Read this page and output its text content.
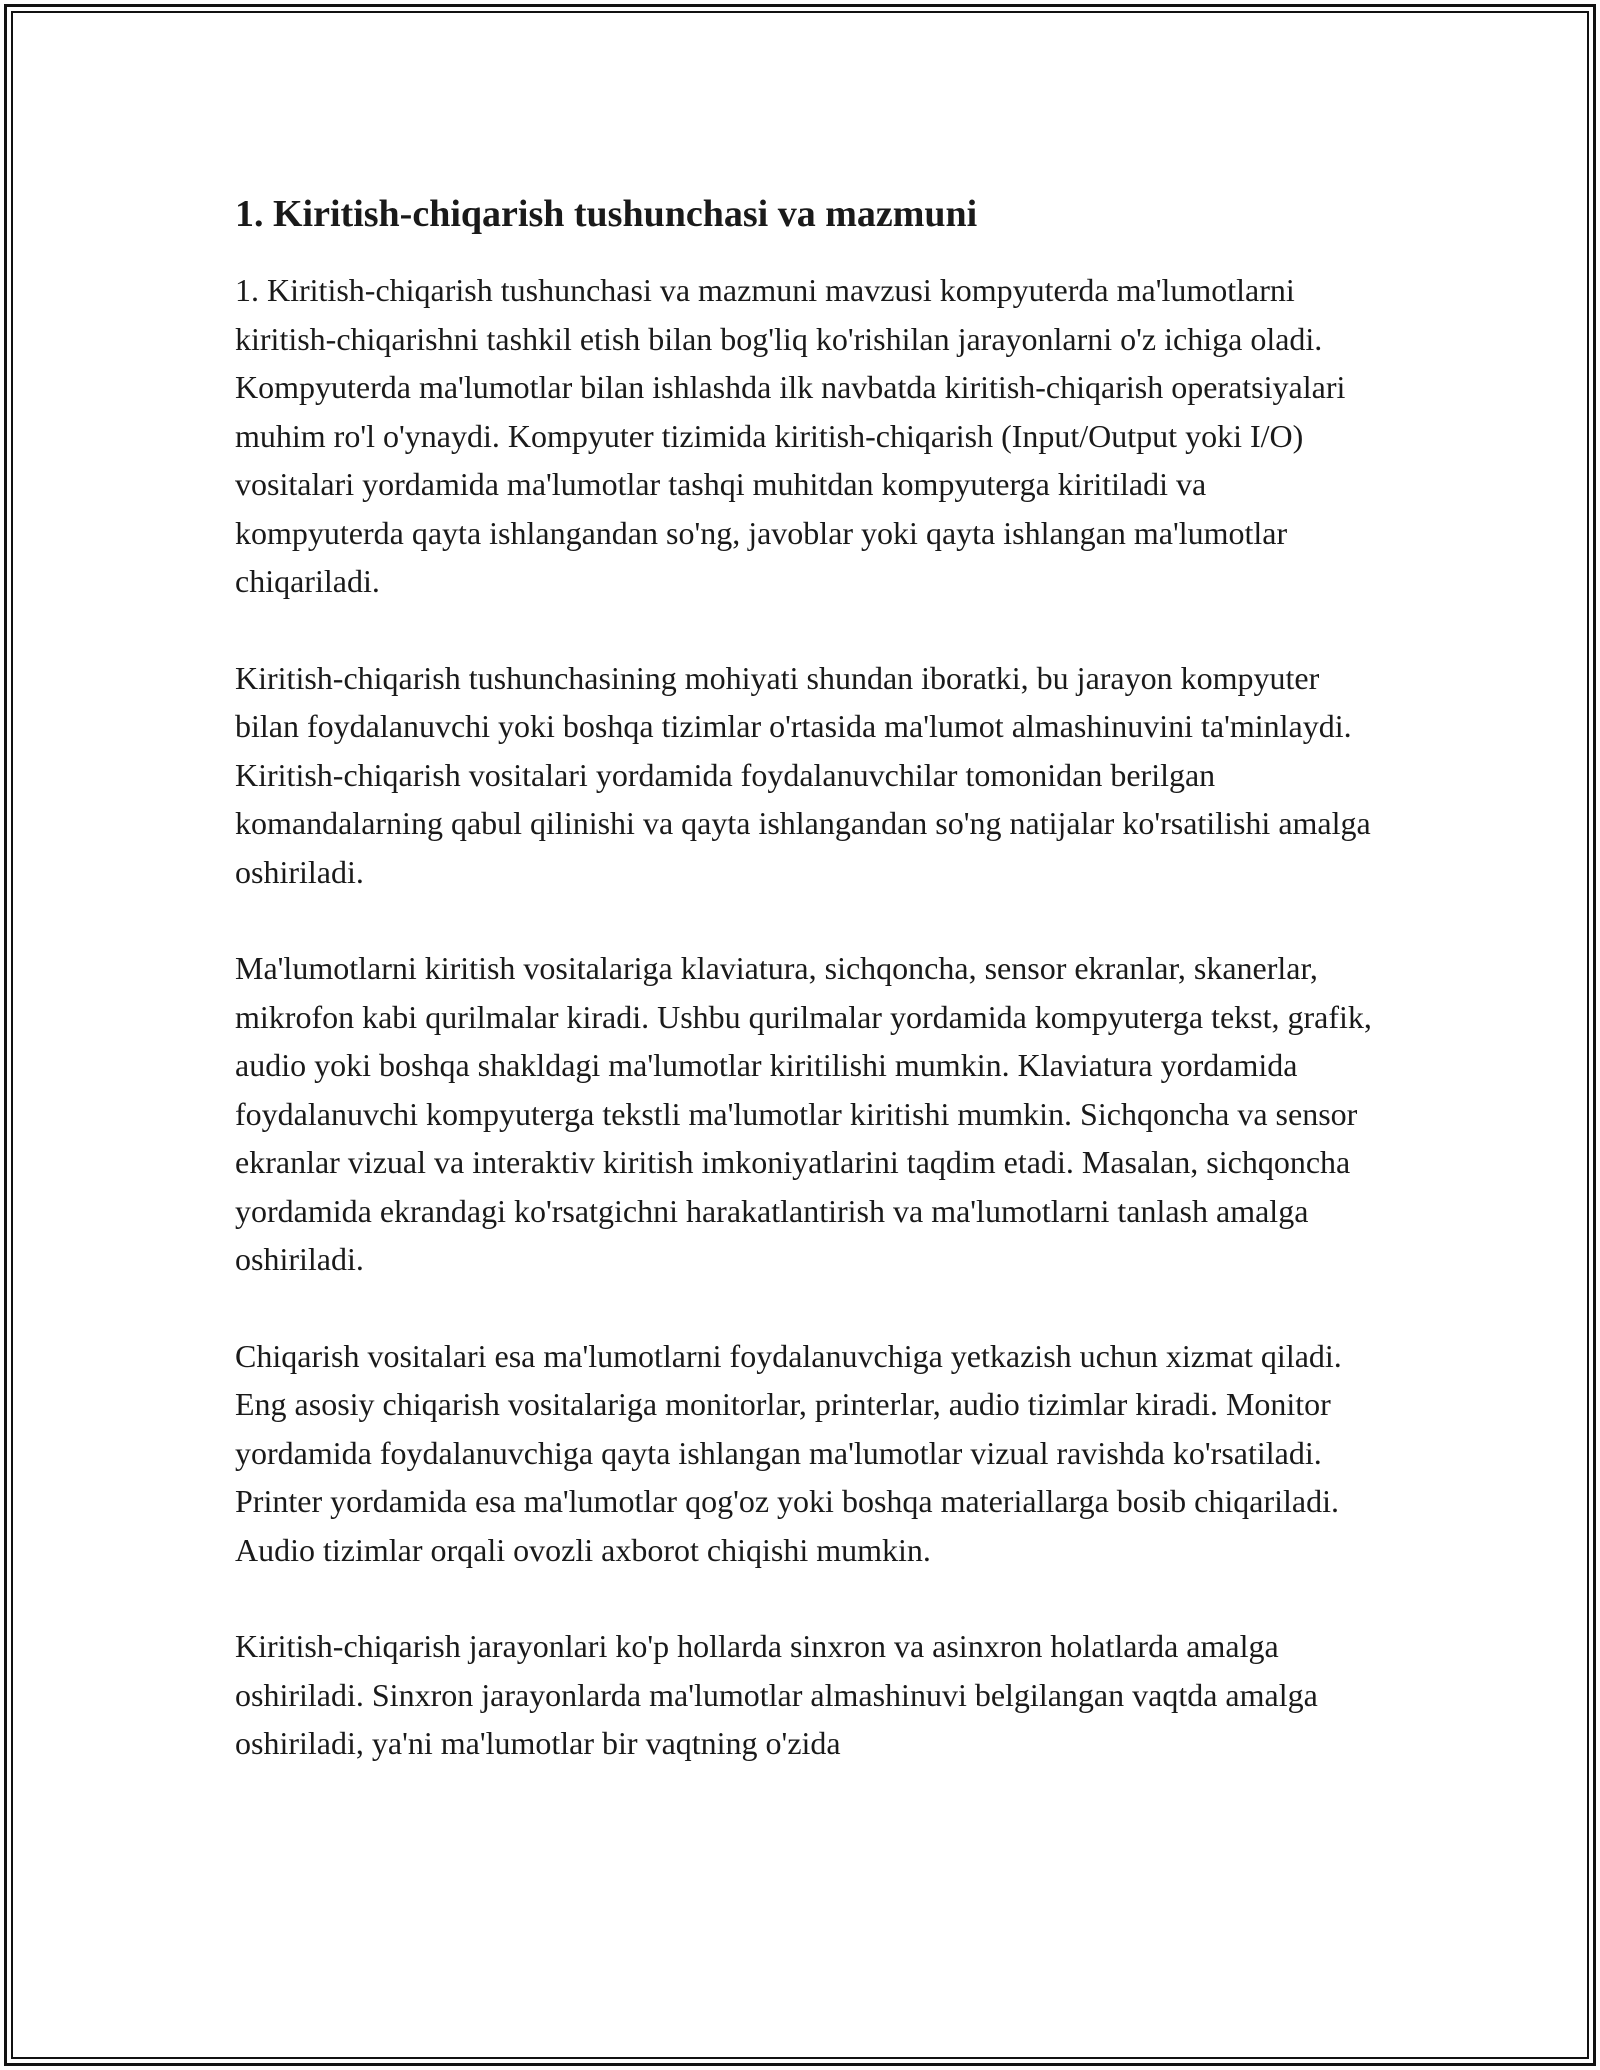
1. Kiritish-chiqarish tushunchasi va mazmuni

1. Kiritish-chiqarish tushunchasi va mazmuni mavzusi kompyuterda ma'lumotlarni kiritish-chiqarishni tashkil etish bilan bog'liq ko'rishilan jarayonlarni o'z ichiga oladi. Kompyuterda ma'lumotlar bilan ishlashda ilk navbatda kiritish-chiqarish operatsiyalari muhim ro'l o'ynaydi. Kompyuter tizimida kiritish-chiqarish (Input/Output yoki I/O) vositalari yordamida ma'lumotlar tashqi muhitdan kompyuterga kiritiladi va kompyuterda qayta ishlangandan so'ng, javoblar yoki qayta ishlangan ma'lumotlar chiqariladi.

Kiritish-chiqarish tushunchasining mohiyati shundan iboratki, bu jarayon kompyuter bilan foydalanuvchi yoki boshqa tizimlar o'rtasida ma'lumot almashinuvini ta'minlaydi. Kiritish-chiqarish vositalari yordamida foydalanuvchilar tomonidan berilgan komandalarning qabul qilinishi va qayta ishlangandan so'ng natijalar ko'rsatilishi amalga oshiriladi.

Ma'lumotlarni kiritish vositalariga klaviatura, sichqoncha, sensor ekranlar, skanerlar, mikrofon kabi qurilmalar kiradi. Ushbu qurilmalar yordamida kompyuterga tekst, grafik, audio yoki boshqa shakldagi ma'lumotlar kiritilishi mumkin. Klaviatura yordamida foydalanuvchi kompyuterga tekstli ma'lumotlar kiritishi mumkin. Sichqoncha va sensor ekranlar vizual va interaktiv kiritish imkoniyatlarini taqdim etadi. Masalan, sichqoncha yordamida ekrandagi ko'rsatgichni harakatlantirish va ma'lumotlarni tanlash amalga oshiriladi.

Chiqarish vositalari esa ma'lumotlarni foydalanuvchiga yetkazish uchun xizmat qiladi. Eng asosiy chiqarish vositalariga monitorlar, printerlar, audio tizimlar kiradi. Monitor yordamida foydalanuvchiga qayta ishlangan ma'lumotlar vizual ravishda ko'rsatiladi. Printer yordamida esa ma'lumotlar qog'oz yoki boshqa materiallarga bosib chiqariladi. Audio tizimlar orqali ovozli axborot chiqishi mumkin.

Kiritish-chiqarish jarayonlari ko'p hollarda sinxron va asinxron holatlarda amalga oshiriladi. Sinxron jarayonlarda ma'lumotlar almashinuvi belgilangan vaqtda amalga oshiriladi, ya'ni ma'lumotlar bir vaqtning o'zida
